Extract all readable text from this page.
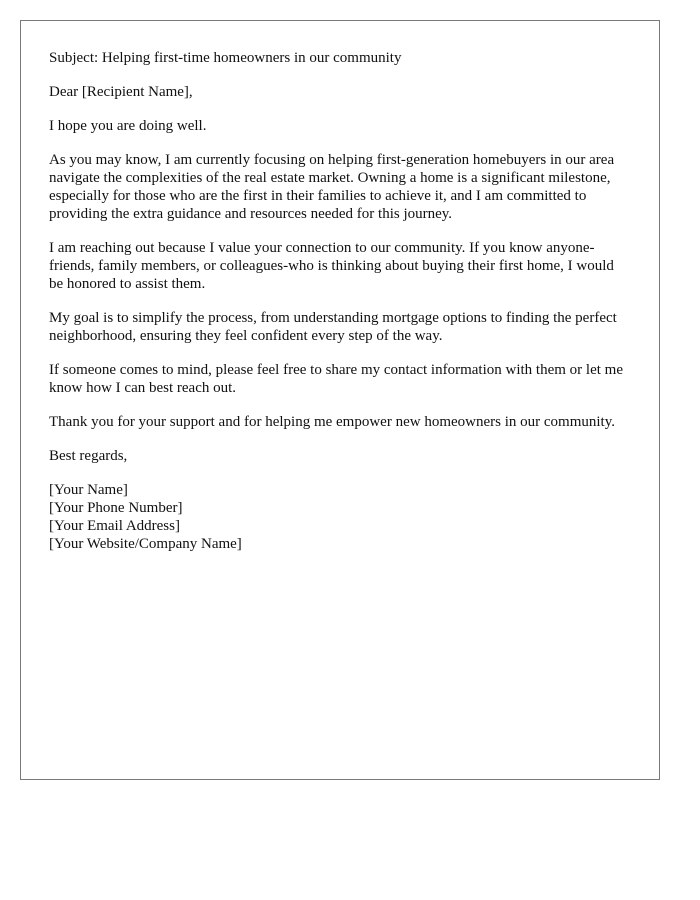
Subject: Helping first-time homeowners in our community

Dear [Recipient Name],

I hope you are doing well.

As you may know, I am currently focusing on helping first-generation homebuyers in our area navigate the complexities of the real estate market. Owning a home is a significant milestone, especially for those who are the first in their families to achieve it, and I am committed to providing the extra guidance and resources needed for this journey.

I am reaching out because I value your connection to our community. If you know anyone-friends, family members, or colleagues-who is thinking about buying their first home, I would be honored to assist them.

My goal is to simplify the process, from understanding mortgage options to finding the perfect neighborhood, ensuring they feel confident every step of the way.

If someone comes to mind, please feel free to share my contact information with them or let me know how I can best reach out.

Thank you for your support and for helping me empower new homeowners in our community.

Best regards,

[Your Name]
[Your Phone Number]
[Your Email Address]
[Your Website/Company Name]
